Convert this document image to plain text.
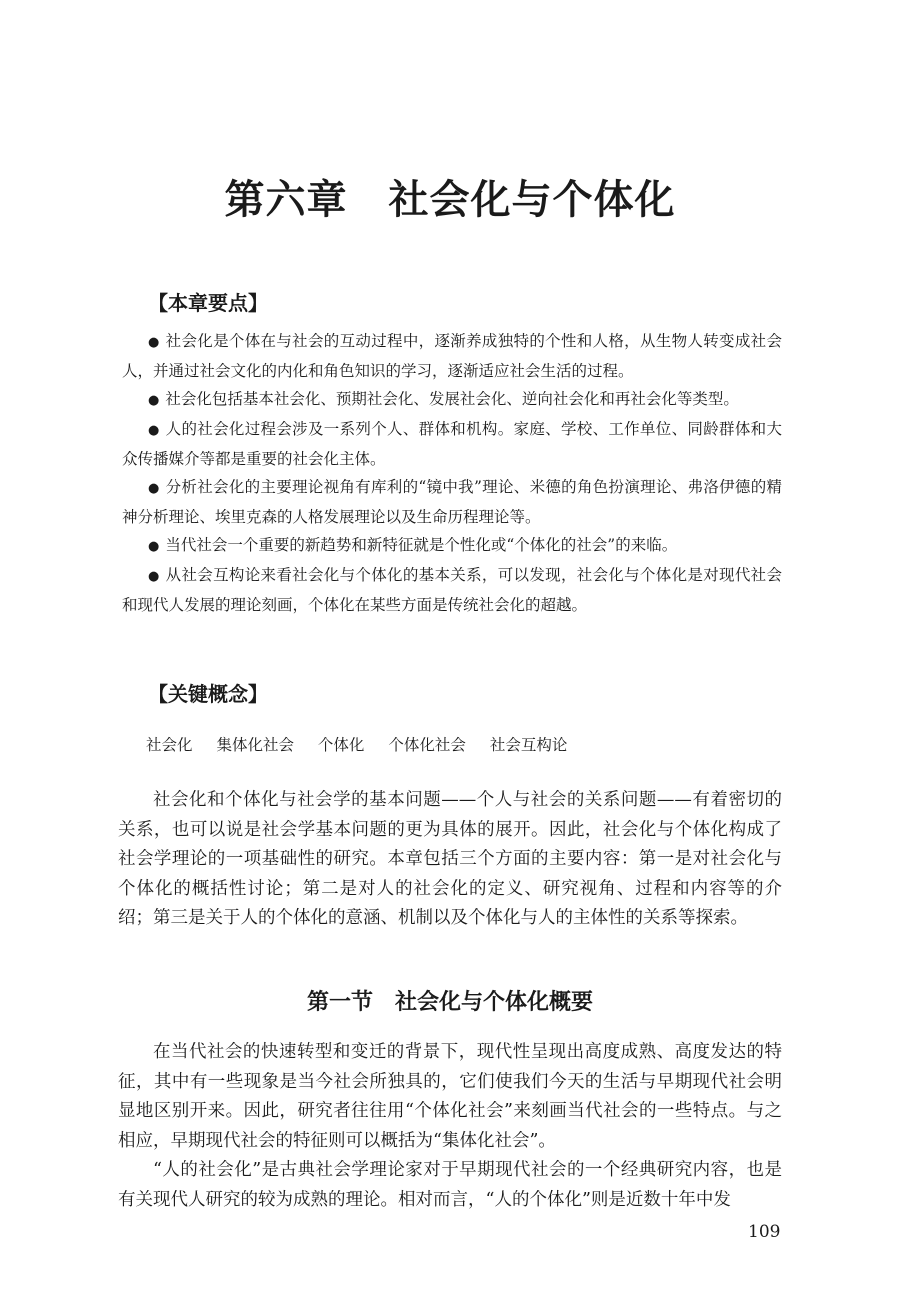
第六章　社会化与个体化
【本章要点】

● 社会化是个体在与社会的互动过程中，逐渐养成独特的个性和人格，从生物人转变成社会人，并通过社会文化的内化和角色知识的学习，逐渐适应社会生活的过程。

● 社会化包括基本社会化、预期社会化、发展社会化、逆向社会化和再社会化等类型。

● 人的社会化过程会涉及一系列个人、群体和机构。家庭、学校、工作单位、同龄群体和大众传播媒介等都是重要的社会化主体。

● 分析社会化的主要理论视角有库利的“镜中我”理论、米德的角色扮演理论、弗洛伊德的精神分析理论、埃里克森的人格发展理论以及生命历程理论等。

● 当代社会一个重要的新趋势和新特征就是个性化或“个体化的社会”的来临。

● 从社会互构论来看社会化与个体化的基本关系，可以发现，社会化与个体化是对现代社会和现代人发展的理论刻画，个体化在某些方面是传统社会化的超越。

【关键概念】
社会化 集体化社会 个体化 个体化社会 社会互构论

社会化和个体化与社会学的基本问题——个人与社会的关系问题——有着密切的关系，也可以说是社会学基本问题的更为具体的展开。因此，社会化与个体化构成了社会学理论的一项基础性的研究。本章包括三个方面的主要内容：第一是对社会化与个体化的概括性讨论；第二是对人的社会化的定义、研究视角、过程和内容等的介绍；第三是关于人的个体化的意涵、机制以及个体化与人的主体性的关系等探索。

第一节　社会化与个体化概要

在当代社会的快速转型和变迁的背景下，现代性呈现出高度成熟、高度发达的特征，其中有一些现象是当今社会所独具的，它们使我们今天的生活与早期现代社会明显地区别开来。因此，研究者往往用“个体化社会”来刻画当代社会的一些特点。与之相应，早期现代社会的特征则可以概括为“集体化社会”。

“人的社会化”是古典社会学理论家对于早期现代社会的一个经典研究内容，也是有关现代人研究的较为成熟的理论。相对而言，“人的个体化”则是近数十年中发

109
